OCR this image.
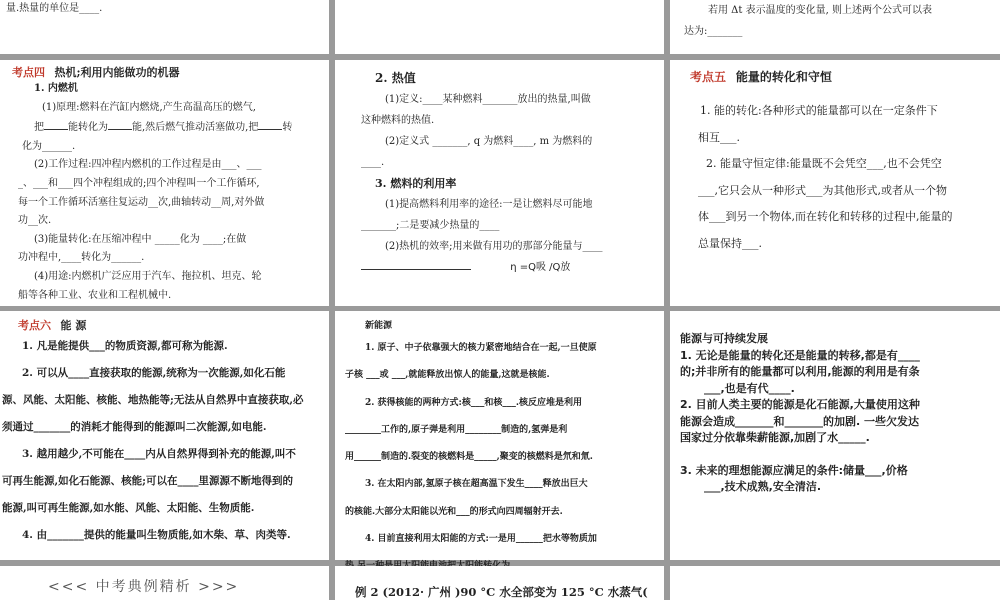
量.热量的单位是____.	若用 Δt 表示温度的变化量, 则上述两个公式可以表

达为:_______

考点四 热机;利用内能做功的机器

1. 内燃机

(1)原理:燃料在汽缸内燃烧,产生高温高压的燃气,

把 能转化为 能,然后燃气推动活塞做功,把 转

化为______.

(2)工作过程:四冲程内燃机的工作过程是由___、___

_、___和___四个冲程组成的;四个冲程叫一个工作循环,

每一个工作循环活塞往复运动__次,曲轴转动__周,对外做

功__次.

(3)能量转化:在压缩冲程中 _____化为 ____;在做

功冲程中,____转化为______.

(4)用途:内燃机广泛应用于汽车、拖拉机、坦克、轮

船等各种工业、农业和工程机械中.

2. 热值

(1)定义:____某种燃料_______放出的热量,叫做

这种燃料的热值.

(2)定义式 _______, q 为燃料____, m 为燃料的

____.

3. 燃料的利用率

(1)提高燃料利用率的途径:一是让燃料尽可能地

_______;二是要减少热量的____

(2)热机的效率;用来做有用功的那部分能量与____

η =Q吸 /Q放

考点五 能量的转化和守恒

1. 能的转化:各种形式的能量都可以在一定条件下

相互___.

2. 能量守恒定律:能量既不会凭空___,也不会凭空

___,它只会从一种形式___为其他形式,或者从一个物

体___到另一个物体,而在转化和转移的过程中,能量的

总量保持___.

考点六 能 源

1. 凡是能提供___的物质资源,都可称为能源.

2. 可以从____直接获取的能源,统称为一次能源,如化石能

源、风能、太阳能、核能、地热能等;无法从自然界中直接获取,必

须通过_______的消耗才能得到的能源叫二次能源,如电能.

3. 越用越少,不可能在____内从自然界得到补充的能源,叫不

可再生能源,如化石能源、核能;可以在____里源源不断地得到的

能源,叫可再生能源,如水能、风能、太阳能、生物质能.

4. 由_______提供的能量叫生物质能,如木柴、草、肉类等.

新能源

1. 原子、中子依靠强大的核力紧密地结合在一起,一旦使原

子核 ___或 ___,就能释放出惊人的能量,这就是核能.

2. 获得核能的两种方式:核___和核___.核反应堆是利用

________工作的,原子弹是利用________制造的,氢弹是利

用______制造的.裂变的核燃料是_____,聚变的核燃料是氘和氚.

3. 在太阳内部,氢原子核在超高温下发生____释放出巨大

的核能.大部分太阳能以光和___的形式向四周辐射开去.

4. 目前直接利用太阳能的方式:一是用______把水等物质加

能源与可持续发展

1. 无论是能量的转化还是能量的转移,都是有____

的;并非所有的能量都可以利用,能源的利用是有条

___,也是有代____.

2. 目前人类主要的能源是化石能源,大量使用这种

能源会造成_______和_______的加剧. 一些欠发达

国家过分依靠柴薪能源,加剧了水_____.

3. 未来的理想能源应满足的条件:储量___,价格

___,技术成熟,安全清洁.

<<< 中考典例精析 >>>	例 2 (2012· 广州 )90 °C 水全部变为 125 °C 水蒸气(
